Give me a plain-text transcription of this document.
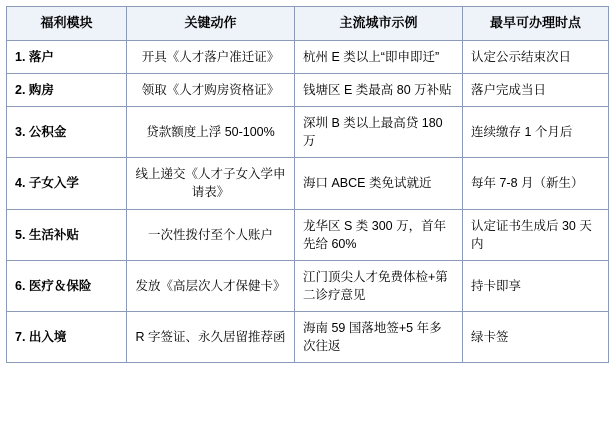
福利模块	关键动作	主流城市示例	最早可办理时点
1. 落户	开具《人才落户准迁证》	杭州 E 类以上“即申即迁”	认定公示结束次日
2. 购房	领取《人才购房资格证》	钱塘区 E 类最高 80 万补贴	落户完成当日
3. 公积金	贷款额度上浮 50-100%	深圳 B 类以上最高贷 180 万	连续缴存 1 个月后
4. 子女入学	线上递交《人才子女入学申请表》	海口 ABCE 类免试就近	每年 7-8 月（新生）
5. 生活补贴	一次性拨付至个人账户	龙华区 S 类 300 万，首年先给 60%	认定证书生成后 30 天内
6. 医疗＆保险	发放《高层次人才保健卡》	江门顶尖人才免费体检+第二诊疗意见	持卡即享
7. 出入境	R 字签证、永久居留推荐函	海南 59 国落地签+5 年多次往返	绿卡签
